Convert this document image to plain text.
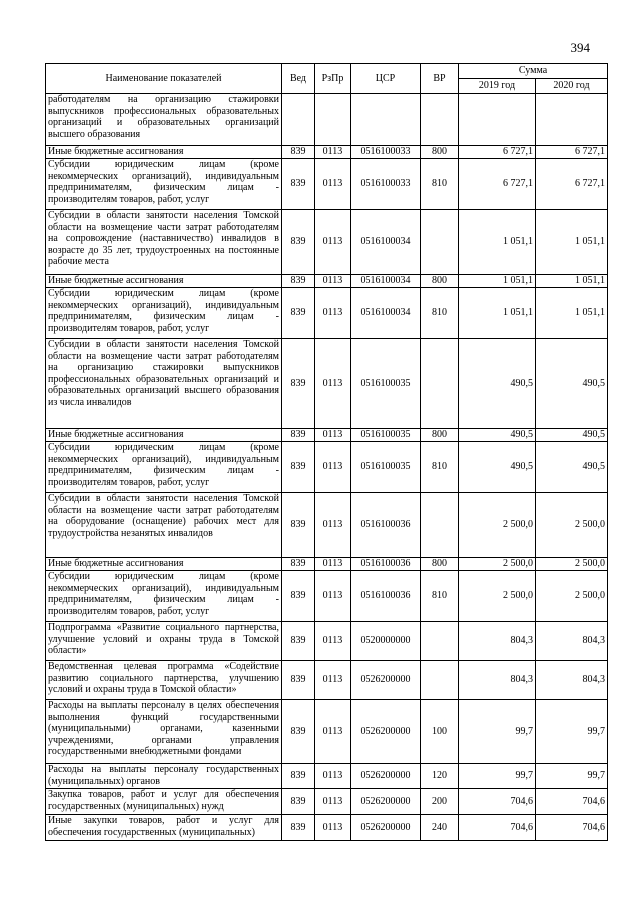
394
Наименование показателей	Вед	РзПр	ЦСР	ВР	Сумма	
					2019 год	2020 год
работодателям на организацию стажировки выпускников профессиональных образовательных организаций и образовательных организаций высшего образования						
Иные бюджетные ассигнования	839	0113	0516100033	800	6 727,1	6 727,1
Субсидии юридическим лицам (кроме некоммерческих организаций), индивидуальным предпринимателям, физическим лицам - производителям товаров, работ, услуг	839	0113	0516100033	810	6 727,1	6 727,1
Субсидии в области занятости населения Томской области на возмещение части затрат работодателям на сопровождение (наставничество) инвалидов в возрасте до 35 лет, трудоустроенных на постоянные рабочие места	839	0113	0516100034		1 051,1	1 051,1
Иные бюджетные ассигнования	839	0113	0516100034	800	1 051,1	1 051,1
Субсидии юридическим лицам (кроме некоммерческих организаций), индивидуальным предпринимателям, физическим лицам - производителям товаров, работ, услуг	839	0113	0516100034	810	1 051,1	1 051,1
Субсидии в области занятости населения Томской области на возмещение части затрат работодателям на организацию стажировки выпускников профессиональных образовательных организаций и образовательных организаций высшего образования из числа инвалидов	839	0113	0516100035		490,5	490,5
Иные бюджетные ассигнования	839	0113	0516100035	800	490,5	490,5
Субсидии юридическим лицам (кроме некоммерческих организаций), индивидуальным предпринимателям, физическим лицам - производителям товаров, работ, услуг	839	0113	0516100035	810	490,5	490,5
Субсидии в области занятости населения Томской области на возмещение части затрат работодателям на оборудование (оснащение) рабочих мест для трудоустройства незанятых инвалидов	839	0113	0516100036		2 500,0	2 500,0
Иные бюджетные ассигнования	839	0113	0516100036	800	2 500,0	2 500,0
Субсидии юридическим лицам (кроме некоммерческих организаций), индивидуальным предпринимателям, физическим лицам - производителям товаров, работ, услуг	839	0113	0516100036	810	2 500,0	2 500,0
Подпрограмма «Развитие социального партнерства, улучшение условий и охраны труда в Томской области»	839	0113	0520000000		804,3	804,3
Ведомственная целевая программа «Содействие развитию социального партнерства, улучшению условий и охраны труда в Томской области»	839	0113	0526200000		804,3	804,3
Расходы на выплаты персоналу в целях обеспечения выполнения функций государственными (муниципальными) органами, казенными учреждениями, органами управления государственными внебюджетными фондами	839	0113	0526200000	100	99,7	99,7
Расходы на выплаты персоналу государственных (муниципальных) органов	839	0113	0526200000	120	99,7	99,7
Закупка товаров, работ и услуг для обеспечения государственных (муниципальных) нужд	839	0113	0526200000	200	704,6	704,6
Иные закупки товаров, работ и услуг для обеспечения государственных (муниципальных)	839	0113	0526200000	240	704,6	704,6
